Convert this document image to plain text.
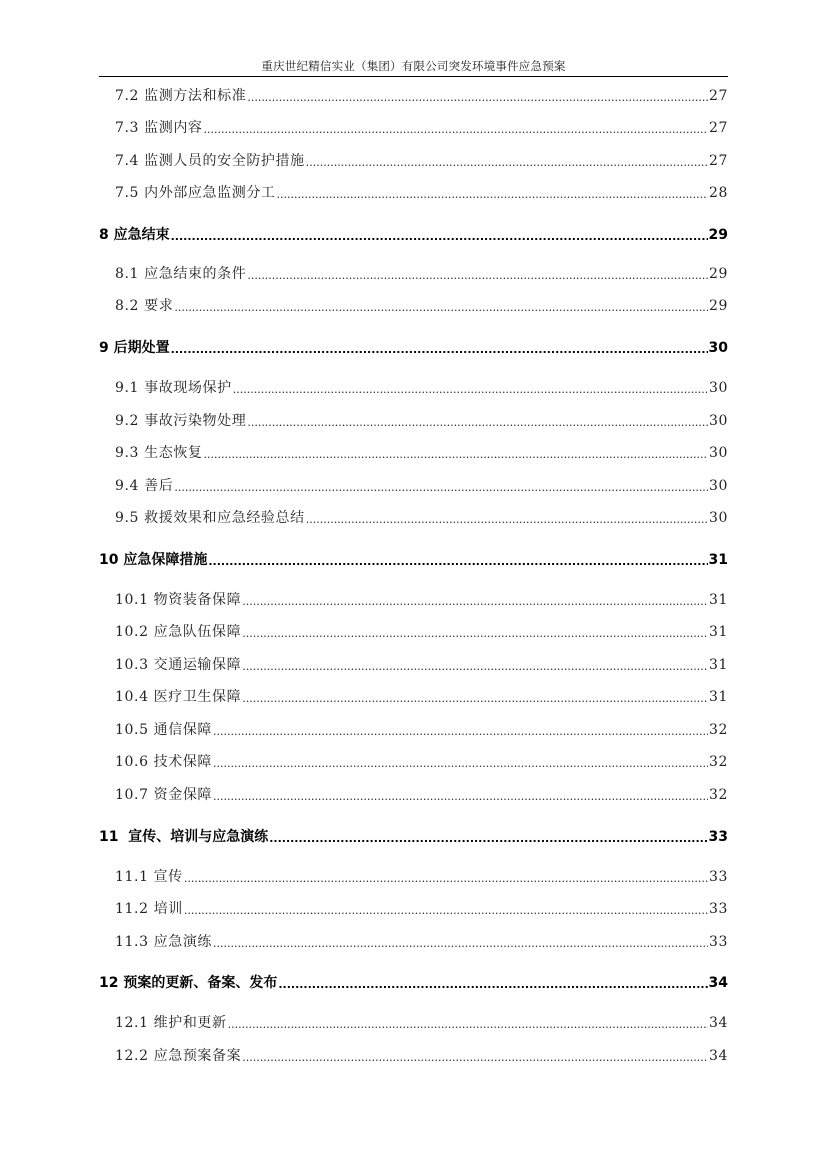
重庆世纪精信实业（集团）有限公司突发环境事件应急预案
7.2 监测方法和标准 .....	27
7.3 监测内容 .....	27
7.4 监测人员的安全防护措施 .....	27
7.5 内外部应急监测分工 .....	28
8 应急结束 .....	29
8.1 应急结束的条件 .....	29
8.2 要求 .....	29
9 后期处置 .....	30
9.1 事故现场保护 .....	30
9.2 事故污染物处理 .....	30
9.3 生态恢复 .....	30
9.4 善后 .....	30
9.5 救援效果和应急经验总结 .....	30
10 应急保障措施 .....	31
10.1 物资装备保障 .....	31
10.2 应急队伍保障 .....	31
10.3 交通运输保障 .....	31
10.4 医疗卫生保障 .....	31
10.5 通信保障 .....	32
10.6 技术保障 .....	32
10.7 资金保障 .....	32
11  宣传、培训与应急演练 .....	33
11.1 宣传 .....	33
11.2 培训 .....	33
11.3 应急演练 .....	33
12 预案的更新、备案、发布 .....	34
12.1 维护和更新 .....	34
12.2 应急预案备案 .....	34
